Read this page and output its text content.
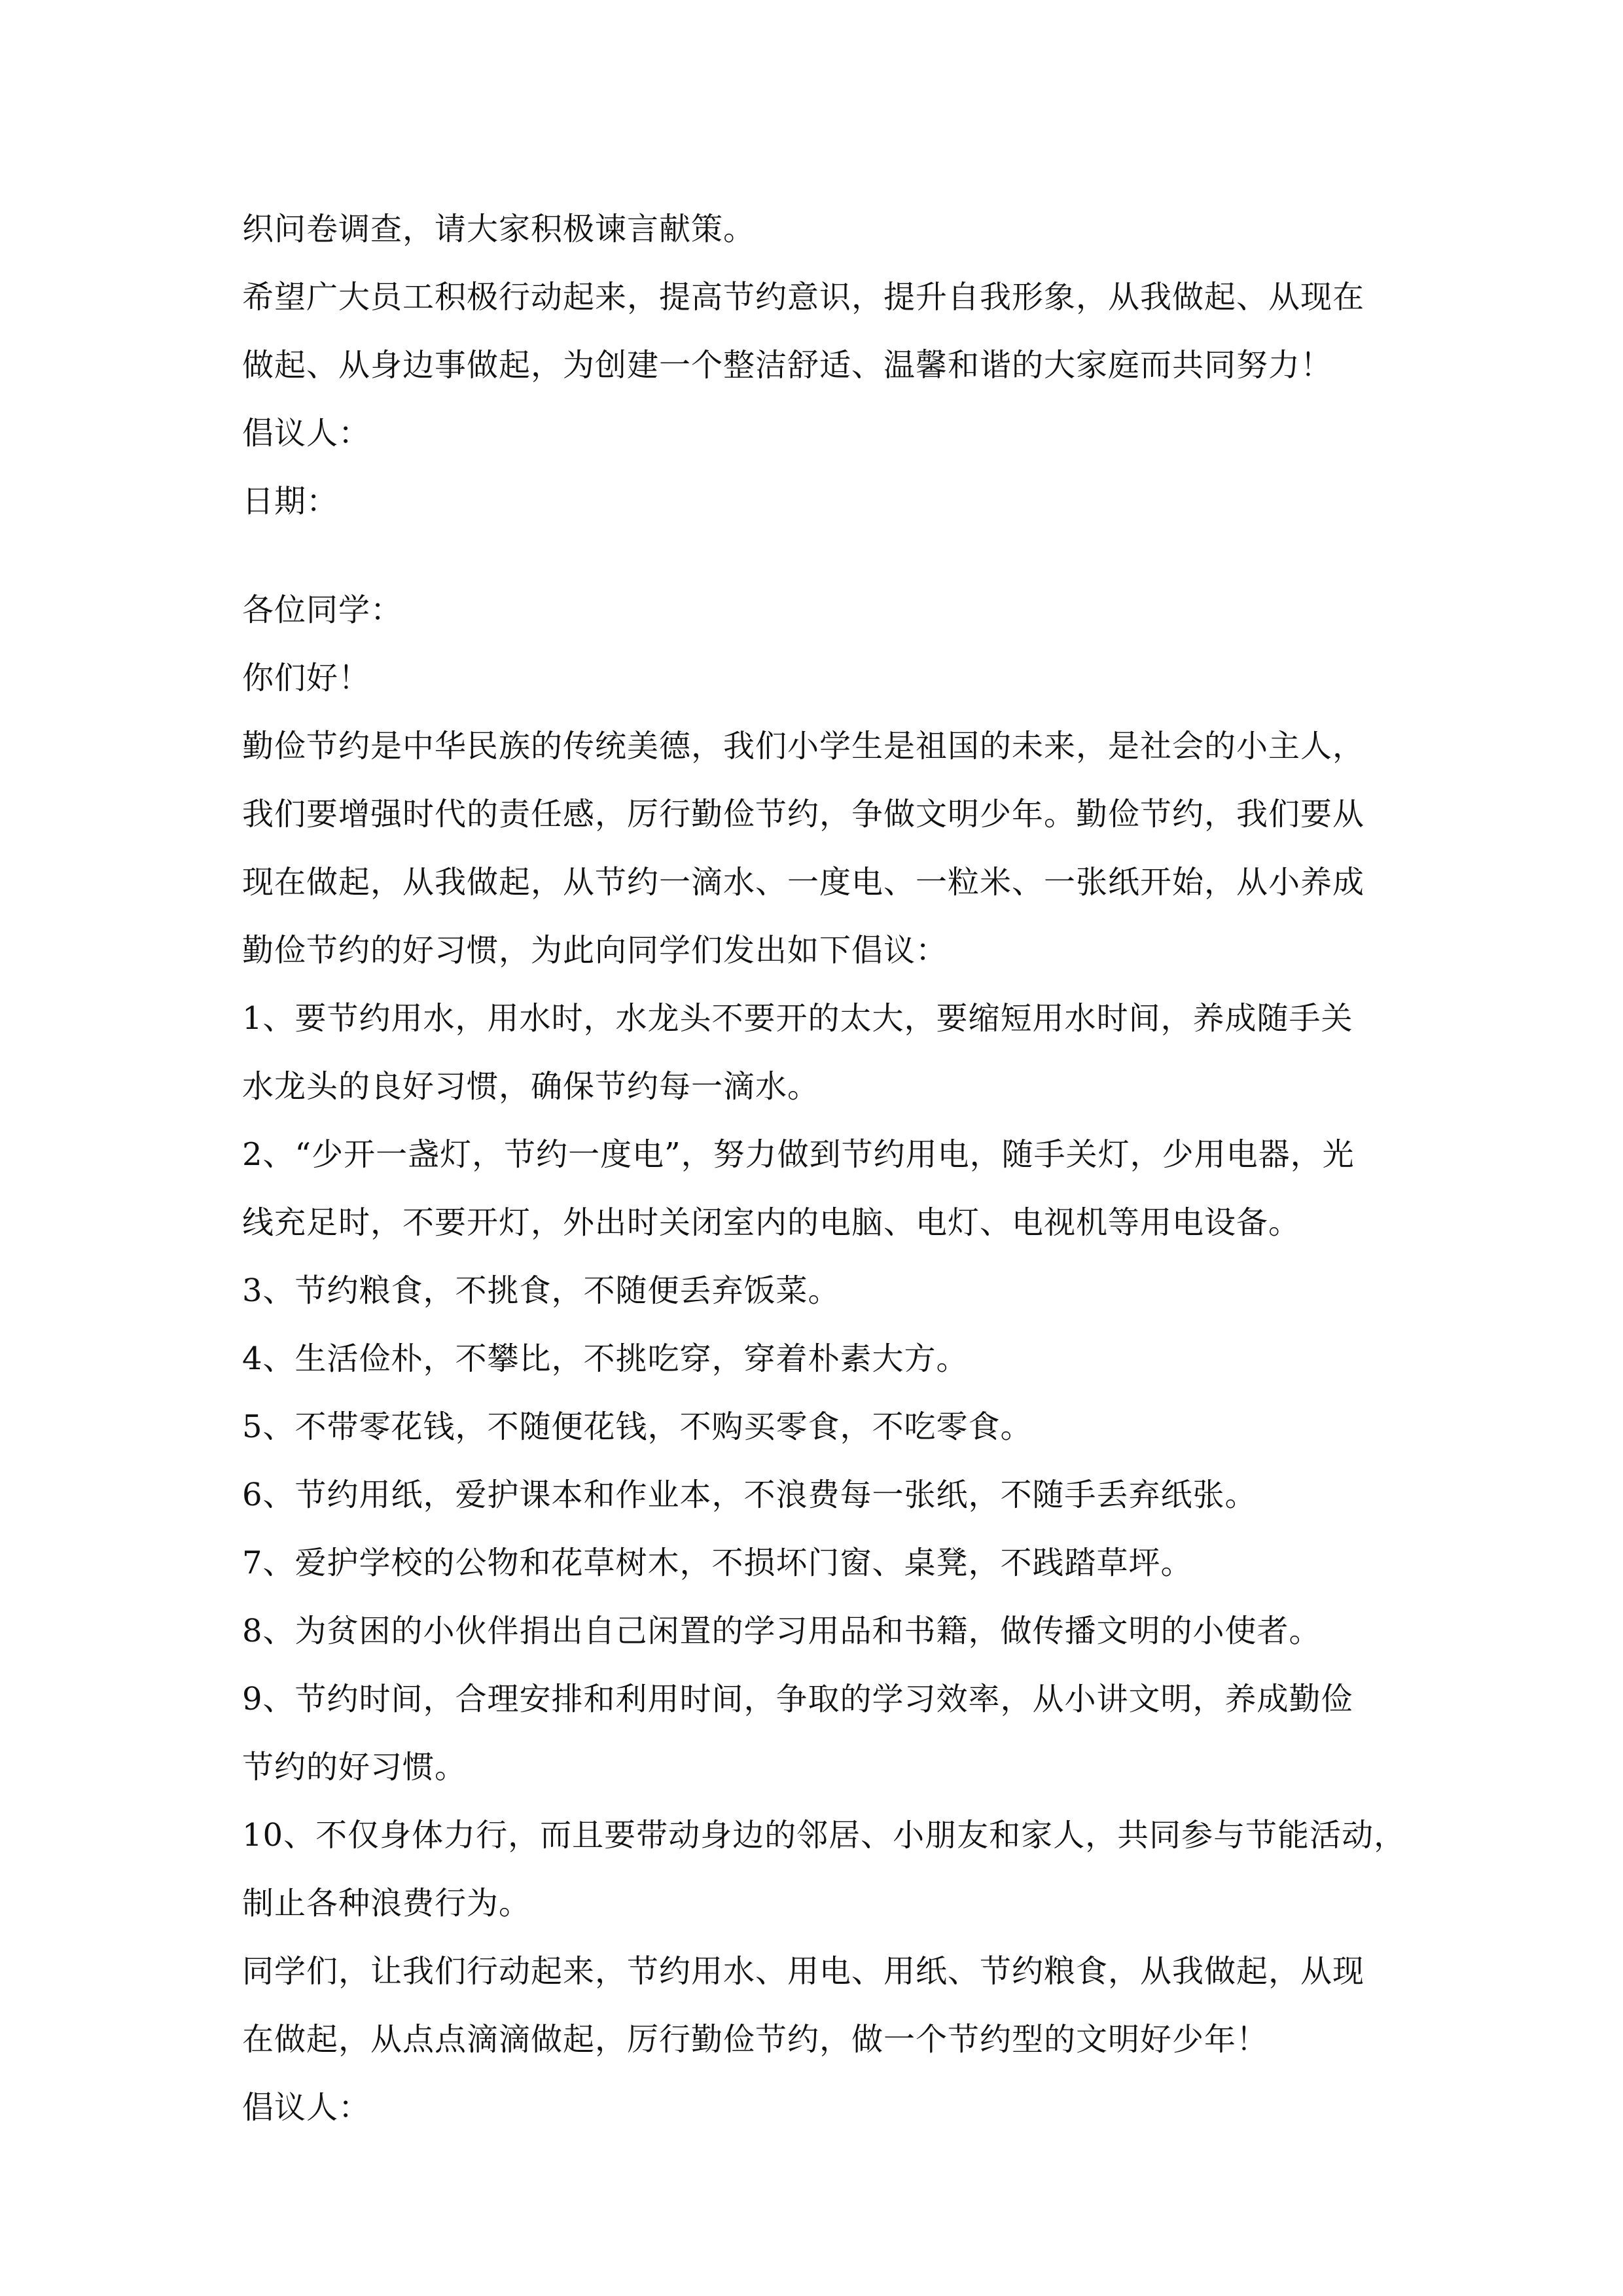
织问卷调查，请大家积极谏言献策。
希望广大员工积极行动起来，提高节约意识，提升自我形象，从我做起、从现在
做起、从身边事做起，为创建一个整洁舒适、温馨和谐的大家庭而共同努力！
倡议人：
日期：
各位同学：
你们好！
勤俭节约是中华民族的传统美德，我们小学生是祖国的未来，是社会的小主人，
我们要增强时代的责任感，厉行勤俭节约，争做文明少年。勤俭节约，我们要从
现在做起，从我做起，从节约一滴水、一度电、一粒米、一张纸开始，从小养成
勤俭节约的好习惯，为此向同学们发出如下倡议：
1、要节约用水，用水时，水龙头不要开的太大，要缩短用水时间，养成随手关
水龙头的良好习惯，确保节约每一滴水。
2、“少开一盏灯，节约一度电”，努力做到节约用电，随手关灯，少用电器，光
线充足时，不要开灯，外出时关闭室内的电脑、电灯、电视机等用电设备。
3、节约粮食，不挑食，不随便丢弃饭菜。
4、生活俭朴，不攀比，不挑吃穿，穿着朴素大方。
5、不带零花钱，不随便花钱，不购买零食，不吃零食。
6、节约用纸，爱护课本和作业本，不浪费每一张纸，不随手丢弃纸张。
7、爱护学校的公物和花草树木，不损坏门窗、桌凳，不践踏草坪。
8、为贫困的小伙伴捐出自己闲置的学习用品和书籍，做传播文明的小使者。
9、节约时间，合理安排和利用时间，争取的学习效率，从小讲文明，养成勤俭
节约的好习惯。
10、不仅身体力行，而且要带动身边的邻居、小朋友和家人，共同参与节能活动，
制止各种浪费行为。
同学们，让我们行动起来，节约用水、用电、用纸、节约粮食，从我做起，从现
在做起，从点点滴滴做起，厉行勤俭节约，做一个节约型的文明好少年！
倡议人：
